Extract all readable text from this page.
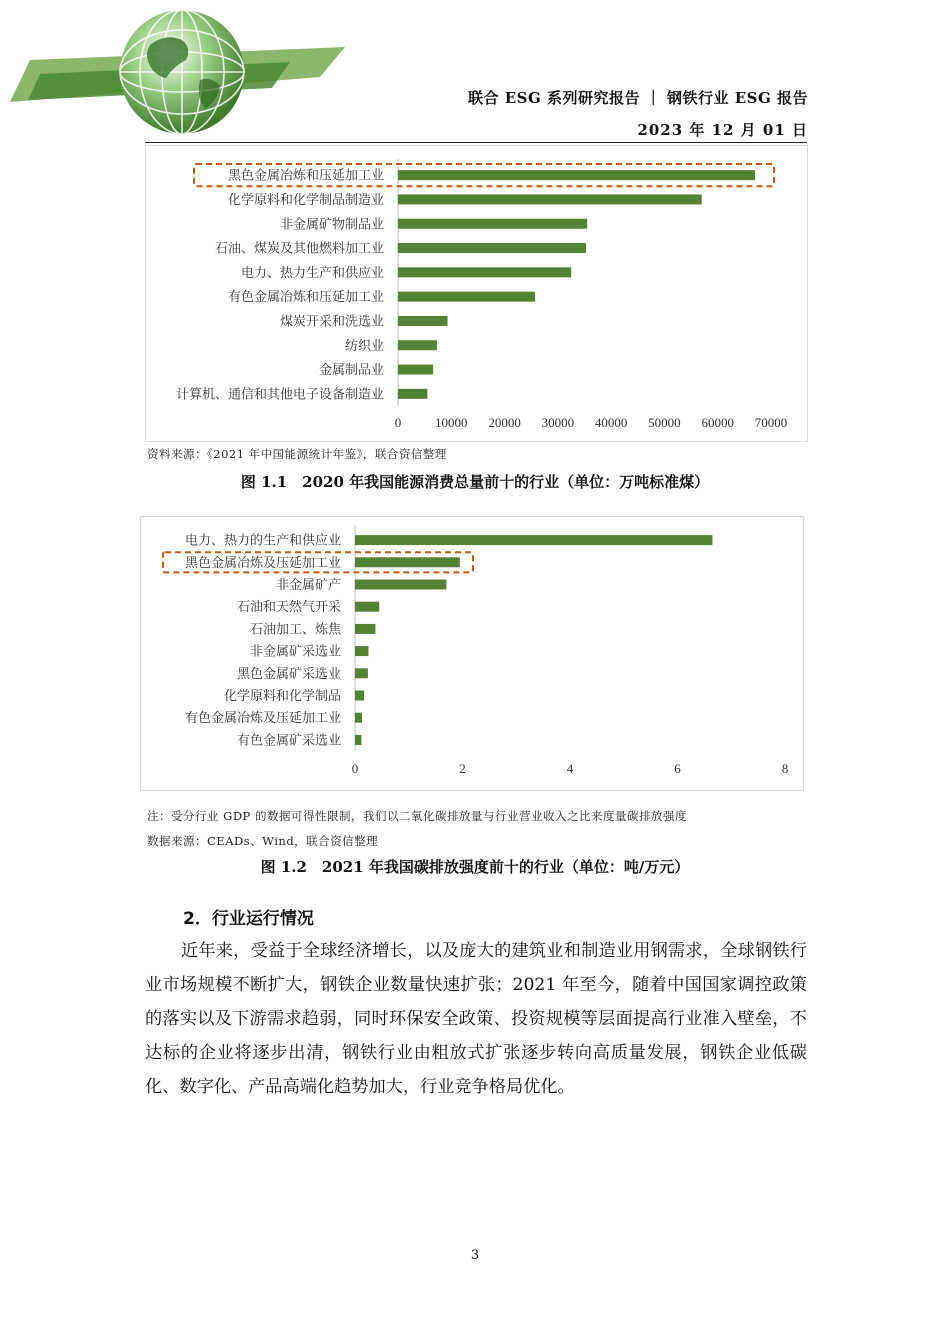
联合 ESG 系列研究报告 ｜ 钢铁行业 ESG 报告
2023 年 12 月 01 日
黑色金属冶炼和压延加工业
化学原料和化学制品制造业
非金属矿物制品业
石油、煤炭及其他燃料加工业
电力、热力生产和供应业
有色金属冶炼和压延加工业
煤炭开采和洗选业
纺织业
金属制品业
计算机、通信和其他电子设备制造业
0	10000 20000 30000 40000 50000 60000 70000
资料来源：《2021 年中国能源统计年鉴》，联合资信整理
图 1.1　2020 年我国能源消费总量前十的行业（单位：万吨标准煤）
电力、热力的生产和供应业
黑色金属冶炼及压延加工业
非金属矿产
石油和天然气开采
石油加工、炼焦
非金属矿采选业
黑色金属矿采选业
化学原料和化学制品
有色金属冶炼及压延加工业
有色金属矿采选业
0	2	4	6	8
注：受分行业 GDP 的数据可得性限制，我们以二氧化碳排放量与行业营业收入之比来度量碳排放强度
数据来源：CEADs、Wind，联合资信整理
图 1.2　2021 年我国碳排放强度前十的行业（单位：吨/万元）
2．行业运行情况
近年来，受益于全球经济增长，以及庞大的建筑业和制造业用钢需求，全球钢铁行业市场规模不断扩大，钢铁企业数量快速扩张；2021 年至今，随着中国国家调控政策的落实以及下游需求趋弱，同时环保安全政策、投资规模等层面提高行业准入壁垒，不达标的企业将逐步出清，钢铁行业由粗放式扩张逐步转向高质量发展，钢铁企业低碳化、数字化、产品高端化趋势加大，行业竞争格局优化。
3
